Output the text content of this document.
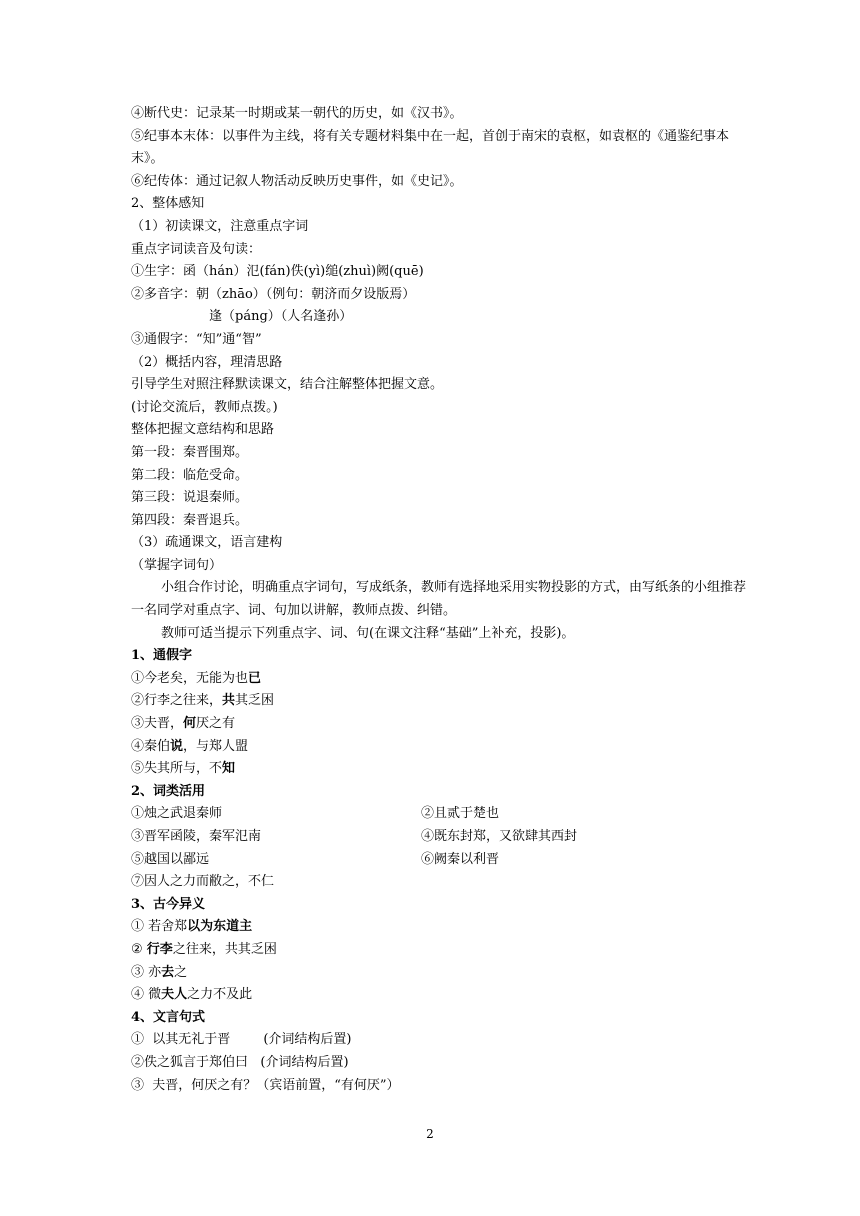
④断代史：记录某一时期或某一朝代的历史，如《汉书》。
⑤纪事本末体：以事件为主线，将有关专题材料集中在一起，首创于南宋的袁枢，如袁枢的《通鉴纪事本末》。
⑥纪传体：通过记叙人物活动反映历史事件，如《史记》。
2、整体感知
（1）初读课文，注意重点字词
重点字词读音及句读：
①生字：函（hán）氾(fán)佚(yì)缒(zhuì)阙(quē)
②多音字：朝（zhāo）（例句：朝济而夕设版焉）
逢（páng）（人名逢孙）
③通假字：“知”通“智”
（2）概括内容，理清思路
引导学生对照注释默读课文，结合注解整体把握文意。
(讨论交流后，教师点拨。)
整体把握文意结构和思路
第一段：秦晋围郑。
第二段：临危受命。
第三段：说退秦师。
第四段：秦晋退兵。
（3）疏通课文，语言建构
（掌握字词句）
小组合作讨论，明确重点字词句，写成纸条，教师有选择地采用实物投影的方式，由写纸条的小组推荐一名同学对重点字、词、句加以讲解，教师点拨、纠错。
教师可适当提示下列重点字、词、句(在课文注释“基础”上补充，投影)。
1、通假字
①今老矣，无能为也已
②行李之往来，共其乏困
③夫晋，何厌之有
④秦伯说，与郑人盟
⑤失其所与，不知
2、词类活用
①烛之武退秦师	②且贰于楚也
③晋军函陵，秦军氾南	④既东封郑，又欲肆其西封
⑤越国以鄙远	⑥阙秦以利晋
⑦因人之力而敝之，不仁
3、古今异义
① 若舍郑以为东道主
② 行李之往来，共其乏困
③ 亦去之
④ 微夫人之力不及此
4、文言句式
①  以其无礼于晋        (介词结构后置)
②佚之狐言于郑伯曰   (介词结构后置)
③  夫晋，何厌之有？（宾语前置，“有何厌”）
2
